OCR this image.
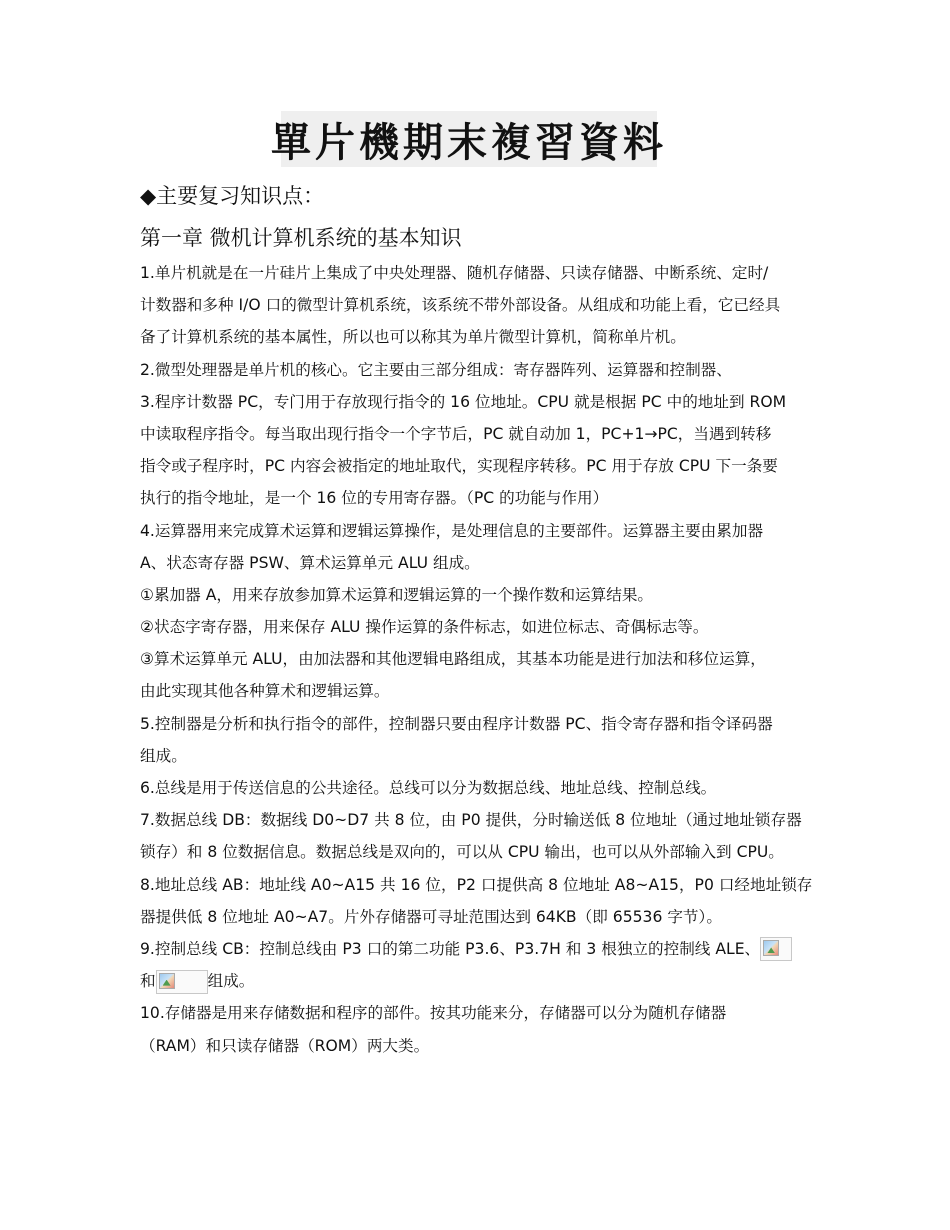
單片機期末複習資料
◆主要复习知识点：
第一章 微机计算机系统的基本知识
1.单片机就是在一片硅片上集成了中央处理器、随机存储器、只读存储器、中断系统、定时/
计数器和多种 I/O 口的微型计算机系统，该系统不带外部设备。从组成和功能上看，它已经具
备了计算机系统的基本属性，所以也可以称其为单片微型计算机，简称单片机。
2.微型处理器是单片机的核心。它主要由三部分组成：寄存器阵列、运算器和控制器、
3.程序计数器 PC，专门用于存放现行指令的 16 位地址。CPU 就是根据 PC 中的地址到 ROM
中读取程序指令。每当取出现行指令一个字节后，PC 就自动加 1，PC+1→PC，当遇到转移
指令或子程序时，PC 内容会被指定的地址取代，实现程序转移。PC 用于存放 CPU 下一条要
执行的指令地址，是一个 16 位的专用寄存器。（PC 的功能与作用）
4.运算器用来完成算术运算和逻辑运算操作，是处理信息的主要部件。运算器主要由累加器
A、状态寄存器 PSW、算术运算单元 ALU 组成。
①累加器 A，用来存放参加算术运算和逻辑运算的一个操作数和运算结果。
②状态字寄存器，用来保存 ALU 操作运算的条件标志，如进位标志、奇偶标志等。
③算术运算单元 ALU，由加法器和其他逻辑电路组成，其基本功能是进行加法和移位运算，
由此实现其他各种算术和逻辑运算。
5.控制器是分析和执行指令的部件，控制器只要由程序计数器 PC、指令寄存器和指令译码器
组成。
6.总线是用于传送信息的公共途径。总线可以分为数据总线、地址总线、控制总线。
7.数据总线 DB：数据线 D0~D7 共 8 位，由 P0 提供，分时输送低 8 位地址（通过地址锁存器
锁存）和 8 位数据信息。数据总线是双向的，可以从 CPU 输出，也可以从外部输入到 CPU。
8.地址总线 AB：地址线 A0~A15 共 16 位，P2 口提供高 8 位地址 A8~A15，P0 口经地址锁存
器提供低 8 位地址 A0~A7。片外存储器可寻址范围达到 64KB（即 65536 字节）。
9.控制总线 CB：控制总线由 P3 口的第二功能 P3.6、P3.7H 和 3 根独立的控制线 ALE、
和	组成。
10.存储器是用来存储数据和程序的部件。按其功能来分，存储器可以分为随机存储器
（RAM）和只读存储器（ROM）两大类。
